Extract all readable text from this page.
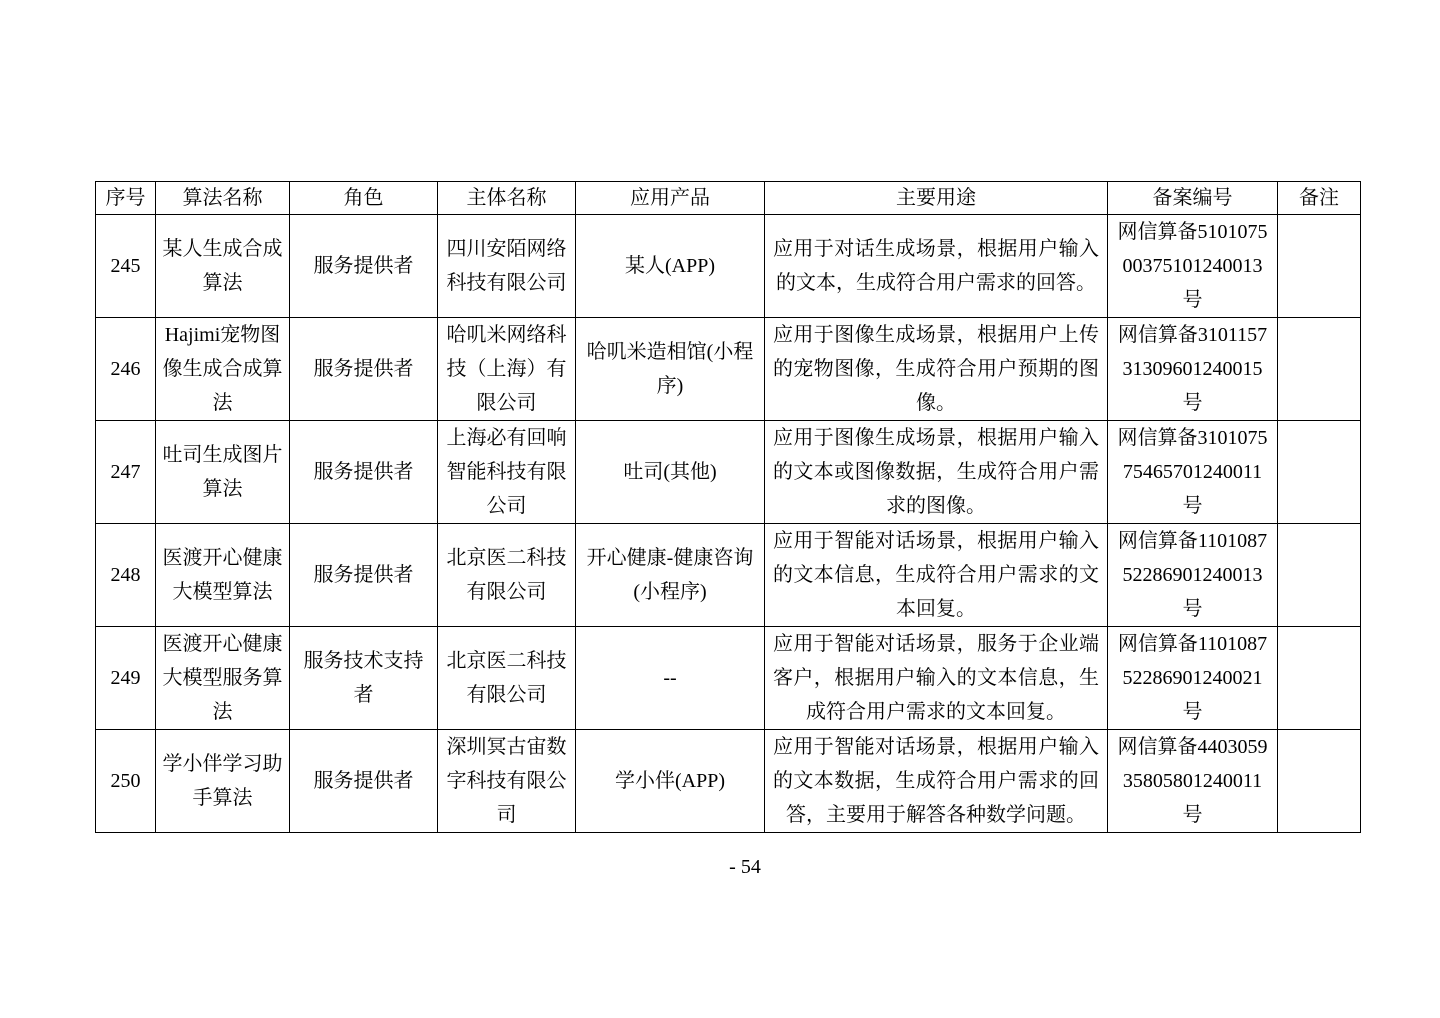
序号	算法名称	角色	主体名称	应用产品	主要用途	备案编号	备注
245	某人生成合成算法	服务提供者	四川安陌网络科技有限公司	某人(APP)	应用于对话生成场景，根据用户输入的文本，生成符合用户需求的回答。	网信算备510107500375101240013号	
246	Hajimi宠物图像生成合成算法	服务提供者	哈叽米网络科技（上海）有限公司	哈叽米造相馆(小程序)	应用于图像生成场景，根据用户上传的宠物图像，生成符合用户预期的图像。	网信算备310115731309601240015号	
247	吐司生成图片算法	服务提供者	上海必有回响智能科技有限公司	吐司(其他)	应用于图像生成场景，根据用户输入的文本或图像数据，生成符合用户需求的图像。	网信算备310107575465701240011号	
248	医渡开心健康大模型算法	服务提供者	北京医二科技有限公司	开心健康-健康咨询(小程序)	应用于智能对话场景，根据用户输入的文本信息，生成符合用户需求的文本回复。	网信算备110108752286901240013号	
249	医渡开心健康大模型服务算法	服务技术支持者	北京医二科技有限公司	--	应用于智能对话场景，服务于企业端客户，根据用户输入的文本信息，生成符合用户需求的文本回复。	网信算备110108752286901240021号	
250	学小伴学习助手算法	服务提供者	深圳冥古宙数字科技有限公司	学小伴(APP)	应用于智能对话场景，根据用户输入的文本数据，生成符合用户需求的回答，主要用于解答各种数学问题。	网信算备440305935805801240011号	
- 54
